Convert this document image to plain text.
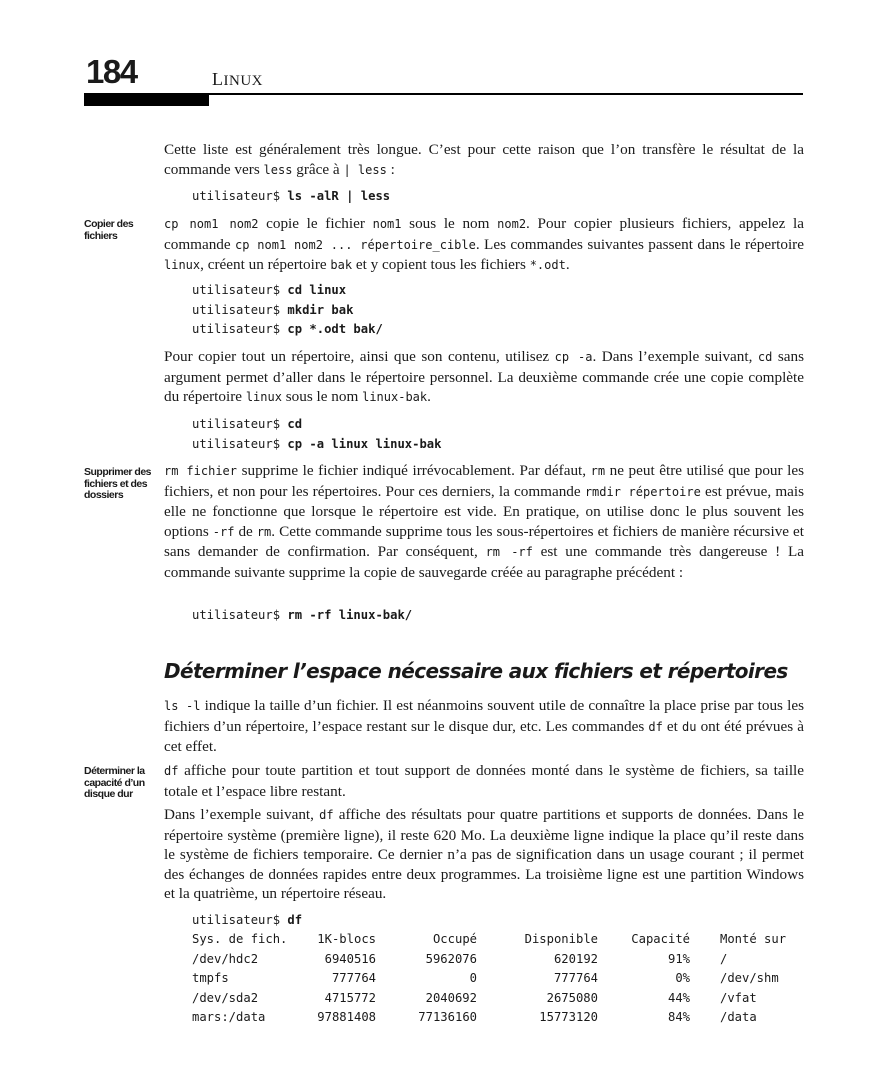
184	LINUX
Cette liste est généralement très longue. C’est pour cette raison que l’on transfère le résultat de la commande vers less grâce à | less :
utilisateur$ ls -alR | less
Copier des fichiers
cp nom1 nom2 copie le fichier nom1 sous le nom nom2. Pour copier plusieurs fichiers, appelez la commande cp nom1 nom2 ... répertoire_cible. Les commandes suivantes passent dans le répertoire linux, créent un répertoire bak et y copient tous les fichiers *.odt.
utilisateur$ cd linux
utilisateur$ mkdir bak
utilisateur$ cp *.odt bak/
Pour copier tout un répertoire, ainsi que son contenu, utilisez cp -a. Dans l’exemple suivant, cd sans argument permet d’aller dans le répertoire personnel. La deuxième commande crée une copie complète du répertoire linux sous le nom linux-bak.
utilisateur$ cd
utilisateur$ cp -a linux linux-bak
Supprimer des fichiers et des dossiers
rm fichier supprime le fichier indiqué irrévocablement. Par défaut, rm ne peut être utilisé que pour les fichiers, et non pour les répertoires. Pour ces derniers, la commande rmdir répertoire est prévue, mais elle ne fonctionne que lorsque le répertoire est vide. En pratique, on utilise donc le plus souvent les options -rf de rm. Cette commande supprime tous les sous-répertoires et fichiers de manière récursive et sans demander de confirmation. Par conséquent, rm -rf est une commande très dangereuse ! La commande suivante supprime la copie de sauvegarde créée au paragraphe précédent :
utilisateur$ rm -rf linux-bak/
Déterminer l’espace nécessaire aux fichiers et répertoires
ls -l indique la taille d’un fichier. Il est néanmoins souvent utile de connaître la place prise par tous les fichiers d’un répertoire, l’espace restant sur le disque dur, etc. Les commandes df et du ont été prévues à cet effet.
Déterminer la capacité d’un disque dur
df affiche pour toute partition et tout support de données monté dans le système de fichiers, sa taille totale et l’espace libre restant.
Dans l’exemple suivant, df affiche des résultats pour quatre partitions et supports de données. Dans le répertoire système (première ligne), il reste 620 Mo. La deuxième ligne indique la place qu’il reste dans le système de fichiers temporaire. Ce dernier n’a pas de signification dans un usage courant ; il permet des échanges de données rapides entre deux programmes. La troisième ligne est une partition Windows et la quatrième, un répertoire réseau.
utilisateur$ df
Sys. de fich.	1K-blocs	Occupé	Disponible	Capacité	Monté sur
/dev/hdc2	6940516	5962076	620192	91%	/
tmpfs	777764	0	777764	0%	/dev/shm
/dev/sda2	4715772	2040692	2675080	44%	/vfat
mars:/data	97881408	77136160	15773120	84%	/data
